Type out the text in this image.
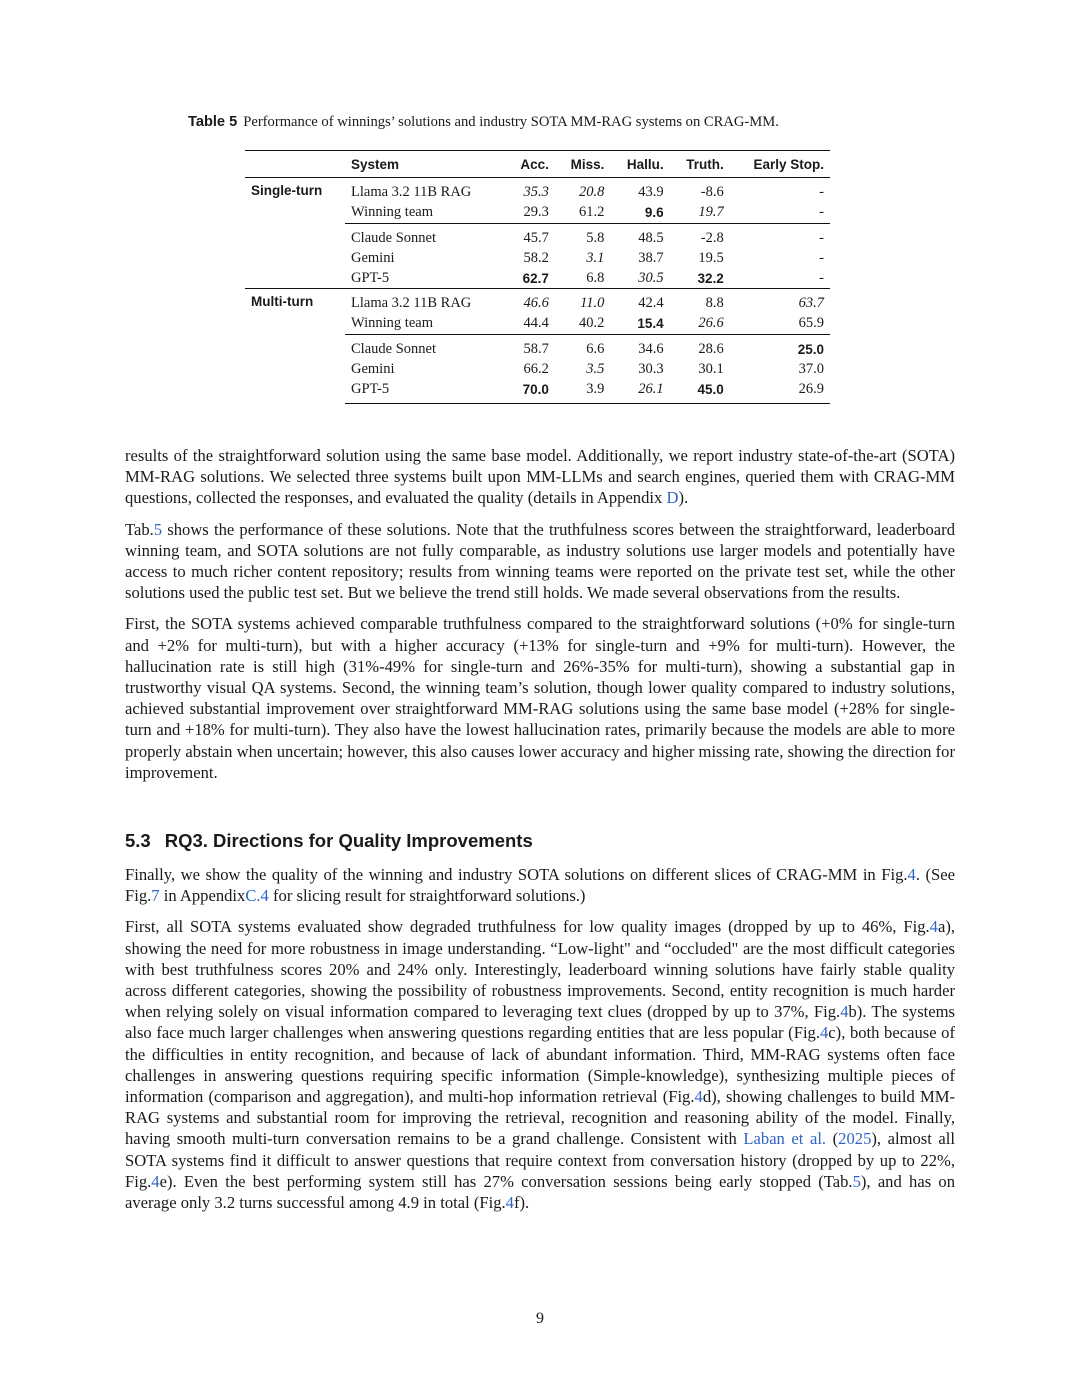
Table 5 Performance of winnings’ solutions and industry SOTA MM-RAG systems on CRAG-MM.
	System	Acc.	Miss.	Hallu.	Truth.	Early Stop.
Single-turn	Llama 3.2 11B RAG	35.3	20.8	43.9	-8.6	-
	Winning team	29.3	61.2	9.6	19.7	-
	Claude Sonnet	45.7	5.8	48.5	-2.8	-
	Gemini	58.2	3.1	38.7	19.5	-
	GPT-5	62.7	6.8	30.5	32.2	-
Multi-turn	Llama 3.2 11B RAG	46.6	11.0	42.4	8.8	63.7
	Winning team	44.4	40.2	15.4	26.6	65.9
	Claude Sonnet	58.7	6.6	34.6	28.6	25.0
	Gemini	66.2	3.5	30.3	30.1	37.0
	GPT-5	70.0	3.9	26.1	45.0	26.9

results of the straightforward solution using the same base model. Additionally, we report industry state-of-the-art (SOTA) MM-RAG solutions. We selected three systems built upon MM-LLMs and search engines, queried them with CRAG-MM questions, collected the responses, and evaluated the quality (details in Appendix D).

Tab.5 shows the performance of these solutions. Note that the truthfulness scores between the straightforward, leaderboard winning team, and SOTA solutions are not fully comparable, as industry solutions use larger models and potentially have access to much richer content repository; results from winning teams were reported on the private test set, while the other solutions used the public test set. But we believe the trend still holds. We made several observations from the results.

First, the SOTA systems achieved comparable truthfulness compared to the straightforward solutions (+0% for single-turn and +2% for multi-turn), but with a higher accuracy (+13% for single-turn and +9% for multi-turn). However, the hallucination rate is still high (31%-49% for single-turn and 26%-35% for multi-turn), showing a substantial gap in trustworthy visual QA systems. Second, the winning team’s solution, though lower quality compared to industry solutions, achieved substantial improvement over straightforward MM-RAG solutions using the same base model (+28% for single-turn and +18% for multi-turn). They also have the lowest hallucination rates, primarily because the models are able to more properly abstain when uncertain; however, this also causes lower accuracy and higher missing rate, showing the direction for improvement.

5.3 RQ3. Directions for Quality Improvements

Finally, we show the quality of the winning and industry SOTA solutions on different slices of CRAG-MM in Fig.4. (See Fig.7 in AppendixC.4 for slicing result for straightforward solutions.)

First, all SOTA systems evaluated show degraded truthfulness for low quality images (dropped by up to 46%, Fig.4a), showing the need for more robustness in image understanding. “Low-light" and “occluded" are the most difficult categories with best truthfulness scores 20% and 24% only. Interestingly, leaderboard winning solutions have fairly stable quality across different categories, showing the possibility of robustness improvements. Second, entity recognition is much harder when relying solely on visual information compared to leveraging text clues (dropped by up to 37%, Fig.4b). The systems also face much larger challenges when answering questions regarding entities that are less popular (Fig.4c), both because of the difficulties in entity recognition, and because of lack of abundant information. Third, MM-RAG systems often face challenges in answering questions requiring specific information (Simple-knowledge), synthesizing multiple pieces of information (comparison and aggregation), and multi-hop information retrieval (Fig.4d), showing challenges to build MM-RAG systems and substantial room for improving the retrieval, recognition and reasoning ability of the model. Finally, having smooth multi-turn conversation remains to be a grand challenge. Consistent with Laban et al. (2025), almost all SOTA systems find it difficult to answer questions that require context from conversation history (dropped by up to 22%, Fig.4e). Even the best performing system still has 27% conversation sessions being early stopped (Tab.5), and has on average only 3.2 turns successful among 4.9 in total (Fig.4f).

9
